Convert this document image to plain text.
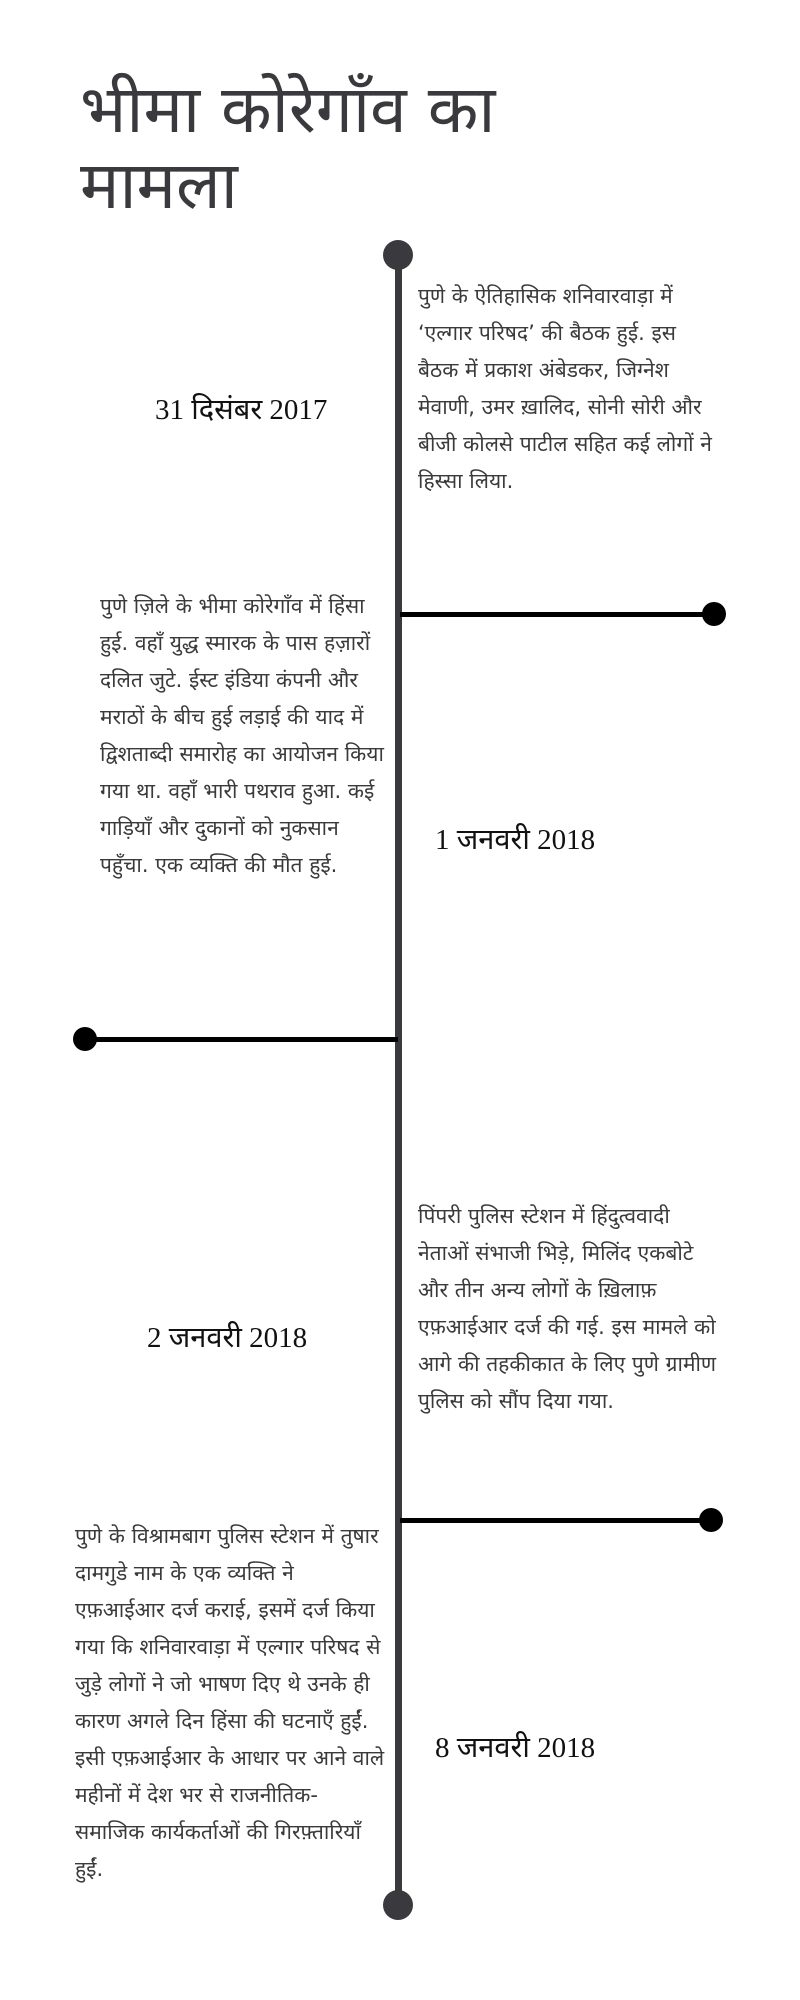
भीमा कोरेगाँव का मामला
31 दिसंबर 2017

पुणे के ऐतिहासिक शनिवारवाड़ा में ‘एल्गार परिषद’ की बैठक हुई. इस बैठक में प्रकाश अंबेडकर, जिग्नेश मेवाणी, उमर ख़ालिद, सोनी सोरी और बीजी कोलसे पाटील सहित कई लोगों ने हिस्सा लिया.

1 जनवरी 2018

पुणे ज़िले के भीमा कोरेगाँव में हिंसा हुई. वहाँ युद्ध स्मारक के पास हज़ारों दलित जुटे. ईस्ट इंडिया कंपनी और मराठों के बीच हुई लड़ाई की याद में द्विशताब्दी समारोह का आयोजन किया गया था. वहाँ भारी पथराव हुआ. कई गाड़ियाँ और दुकानों को नुकसान पहुँचा. एक व्यक्ति की मौत हुई.

2 जनवरी 2018

पिंपरी पुलिस स्टेशन में हिंदुत्ववादी नेताओं संभाजी भिड़े, मिलिंद एकबोटे और तीन अन्य लोगों के ख़िलाफ़ एफ़आईआर दर्ज की गई. इस मामले को आगे की तहकीकात के लिए पुणे ग्रामीण पुलिस को सौंप दिया गया.

8 जनवरी 2018

पुणे के विश्रामबाग पुलिस स्टेशन में तुषार दामगुडे नाम के एक व्यक्ति ने एफ़आईआर दर्ज कराई, इसमें दर्ज किया गया कि शनिवारवाड़ा में एल्गार परिषद से जुड़े लोगों ने जो भाषण दिए थे उनके ही कारण अगले दिन हिंसा की घटनाएँ हुईं. इसी एफ़आईआर के आधार पर आने वाले महीनों में देश भर से राजनीतिक-समाजिक कार्यकर्ताओं की गिरफ़्तारियाँ हुईं.
